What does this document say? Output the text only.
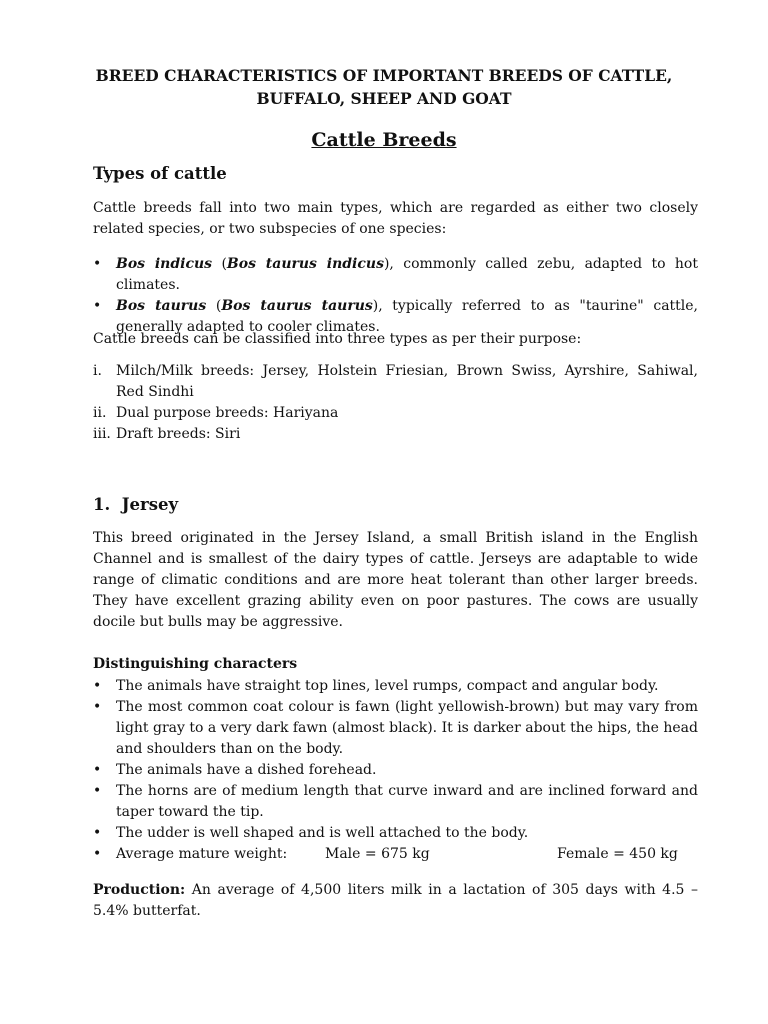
BREED CHARACTERISTICS OF IMPORTANT BREEDS OF CATTLE,
BUFFALO, SHEEP AND GOAT
Cattle Breeds
Types of cattle

Cattle breeds fall into two main types, which are regarded as either two closely related species, or two subspecies of one species:

• Bos indicus (Bos taurus indicus), commonly called zebu, adapted to hot climates.
• Bos taurus (Bos taurus taurus), typically referred to as "taurine" cattle, generally adapted to cooler climates.

Cattle breeds can be classified into three types as per their purpose:

i. Milch/Milk breeds: Jersey, Holstein Friesian, Brown Swiss, Ayrshire, Sahiwal, Red Sindhi
ii. Dual purpose breeds: Hariyana
iii. Draft breeds: Siri
1.  Jersey

This breed originated in the Jersey Island, a small British island in the English Channel and is smallest of the dairy types of cattle. Jerseys are adaptable to wide range of climatic conditions and are more heat tolerant than other larger breeds. They have excellent grazing ability even on poor pastures. The cows are usually docile but bulls may be aggressive.

Distinguishing characters
• The animals have straight top lines, level rumps, compact and angular body.
• The most common coat colour is fawn (light yellowish-brown) but may vary from light gray to a very dark fawn (almost black). It is darker about the hips, the head and shoulders than on the body.
• The animals have a dished forehead.
• The horns are of medium length that curve inward and are inclined forward and taper toward the tip.
• The udder is well shaped and is well attached to the body.
• Average mature weight:	Male = 675 kg	Female = 450 kg

Production: An average of 4,500 liters milk in a lactation of 305 days with 4.5 – 5.4% butterfat.
